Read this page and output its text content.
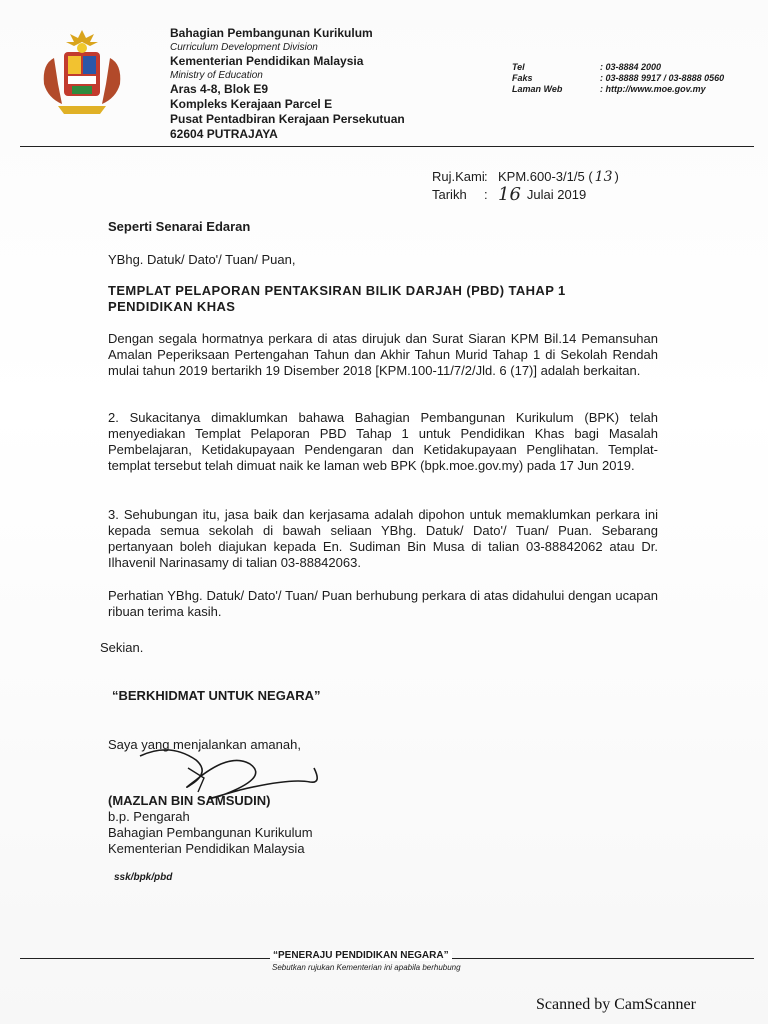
Bahagian Pembangunan Kurikulum
Curriculum Development Division
Kementerian Pendidikan Malaysia
Ministry of Education
Aras 4-8, Blok E9
Kompleks Kerajaan Parcel E
Pusat Pentadbiran Kerajaan Persekutuan
62604 PUTRAJAYA
Tel	: 03-8884 2000
Faks	: 03-8888 9917 / 03-8888 0560
Laman Web	: http://www.moe.gov.my
Ruj.Kami : KPM.600-3/1/5 ( 13 )
Tarikh	: 16 Julai 2019
Seperti Senarai Edaran
YBhg. Datuk/ Dato'/ Tuan/ Puan,
TEMPLAT PELAPORAN PENTAKSIRAN BILIK DARJAH (PBD) TAHAP 1
PENDIDIKAN KHAS
Dengan segala hormatnya perkara di atas dirujuk dan Surat Siaran KPM Bil.14 Pemansuhan Amalan Peperiksaan Pertengahan Tahun dan Akhir Tahun Murid Tahap 1 di Sekolah Rendah mulai tahun 2019 bertarikh 19 Disember 2018 [KPM.100-11/7/2/Jld. 6 (17)] adalah berkaitan.
2. Sukacitanya dimaklumkan bahawa Bahagian Pembangunan Kurikulum (BPK) telah menyediakan Templat Pelaporan PBD Tahap 1 untuk Pendidikan Khas bagi Masalah Pembelajaran, Ketidakupayaan Pendengaran dan Ketidakupayaan Penglihatan. Templat-templat tersebut telah dimuat naik ke laman web BPK (bpk.moe.gov.my) pada 17 Jun 2019.
3. Sehubungan itu, jasa baik dan kerjasama adalah dipohon untuk memaklumkan perkara ini kepada semua sekolah di bawah seliaan YBhg. Datuk/ Dato'/ Tuan/ Puan. Sebarang pertanyaan boleh diajukan kepada En. Sudiman Bin Musa di talian 03-88842062 atau Dr. Ilhavenil Narinasamy di talian 03-88842063.
Perhatian YBhg. Datuk/ Dato'/ Tuan/ Puan berhubung perkara di atas didahului dengan ucapan ribuan terima kasih.
Sekian.
“BERKHIDMAT UNTUK NEGARA”
Saya yang menjalankan amanah,
(MAZLAN BIN SAMSUDIN)
b.p. Pengarah
Bahagian Pembangunan Kurikulum
Kementerian Pendidikan Malaysia
ssk/bpk/pbd
“PENERAJU PENDIDIKAN NEGARA”
Sebutkan rujukan Kementerian ini apabila berhubung
Scanned by CamScanner
